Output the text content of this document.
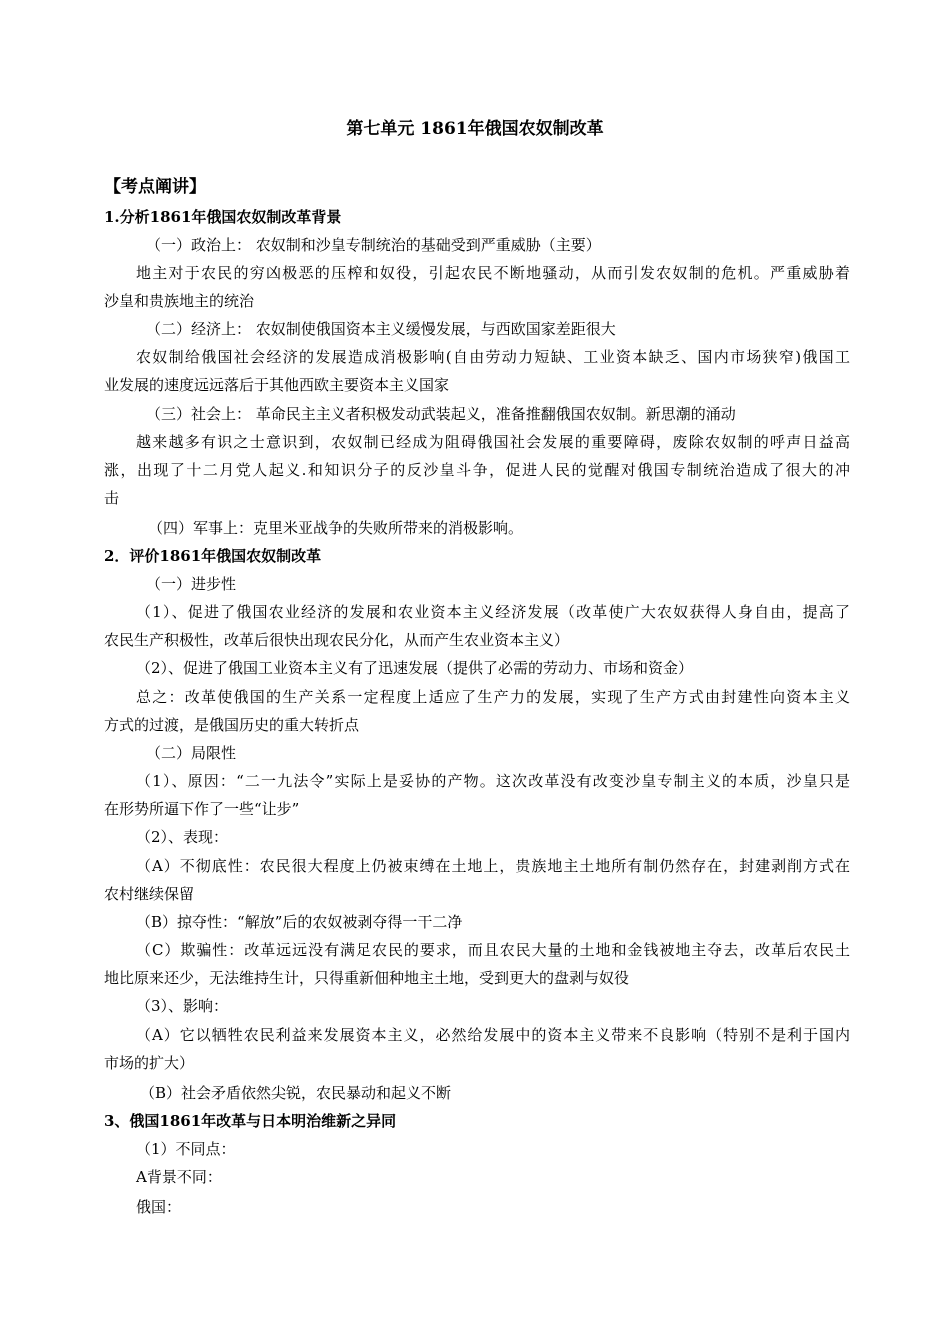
第七单元 1861年俄国农奴制改革
【考点阐讲】
1.分析1861年俄国农奴制改革背景
（一）政治上： 农奴制和沙皇专制统治的基础受到严重威胁（主要）
地主对于农民的穷凶极恶的压榨和奴役，引起农民不断地骚动，从而引发农奴制的危机。严重威胁着
沙皇和贵族地主的统治
（二）经济上： 农奴制使俄国资本主义缓慢发展，与西欧国家差距很大
农奴制给俄国社会经济的发展造成消极影响(自由劳动力短缺、工业资本缺乏、国内市场狭窄)俄国工
业发展的速度远远落后于其他西欧主要资本主义国家
（三）社会上： 革命民主主义者积极发动武装起义，准备推翻俄国农奴制。新思潮的涌动
越来越多有识之士意识到，农奴制已经成为阻碍俄国社会发展的重要障碍，废除农奴制的呼声日益高
涨，出现了十二月党人起义.和知识分子的反沙皇斗争，促进人民的觉醒对俄国专制统治造成了很大的冲
击
（四）军事上：克里米亚战争的失败所带来的消极影响。
2．评价1861年俄国农奴制改革
（一）进步性
（1）、促进了俄国农业经济的发展和农业资本主义经济发展（改革使广大农奴获得人身自由，提高了
农民生产积极性，改革后很快出现农民分化，从而产生农业资本主义）
（2）、促进了俄国工业资本主义有了迅速发展（提供了必需的劳动力、市场和资金）
总之：改革使俄国的生产关系一定程度上适应了生产力的发展，实现了生产方式由封建性向资本主义
方式的过渡，是俄国历史的重大转折点
（二）局限性
（1）、原因：“二一九法令”实际上是妥协的产物。这次改革没有改变沙皇专制主义的本质，沙皇只是
在形势所逼下作了一些“让步”
（2）、表现：
（A）不彻底性：农民很大程度上仍被束缚在土地上，贵族地主土地所有制仍然存在，封建剥削方式在
农村继续保留
（B）掠夺性：“解放”后的农奴被剥夺得一干二净
（C）欺骗性：改革远远没有满足农民的要求，而且农民大量的土地和金钱被地主夺去，改革后农民土
地比原来还少，无法维持生计，只得重新佃种地主土地，受到更大的盘剥与奴役
（3）、影响：
（A）它以牺牲农民利益来发展资本主义，必然给发展中的资本主义带来不良影响（特别不是利于国内
市场的扩大）
（B）社会矛盾依然尖锐，农民暴动和起义不断
3、俄国1861年改革与日本明治维新之异同
（1）不同点：
A背景不同：
俄国：
